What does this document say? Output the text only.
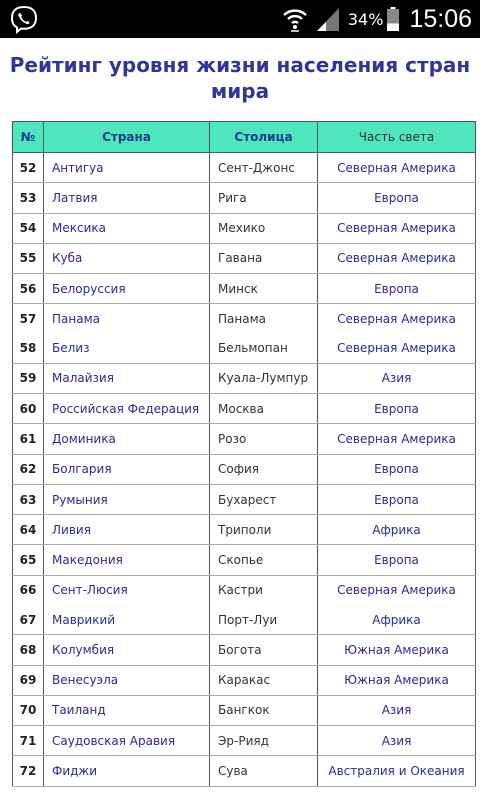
34% 15:06
Рейтинг уровня жизни населения стран мира
№	Страна	Столица	Часть света
52	Антигуа	Сент-Джонс	Северная Америка
53	Латвия	Рига	Европа
54	Мексика	Мехико	Северная Америка
55	Куба	Гавана	Северная Америка
56	Белоруссия	Минск	Европа
57	Панама	Панама	Северная Америка
58	Белиз	Бельмопан	Северная Америка
59	Малайзия	Куала-Лумпур	Азия
60	Российская Федерация	Москва	Европа
61	Доминика	Розо	Северная Америка
62	Болгария	София	Европа
63	Румыния	Бухарест	Европа
64	Ливия	Триполи	Африка
65	Македония	Скопье	Европа
66	Сент-Люсия	Кастри	Северная Америка
67	Маврикий	Порт-Луи	Африка
68	Колумбия	Богота	Южная Америка
69	Венесуэла	Каракас	Южная Америка
70	Таиланд	Бангкок	Азия
71	Саудовская Аравия	Эр-Рияд	Азия
72	Фиджи	Сува	Австралия и Океания
